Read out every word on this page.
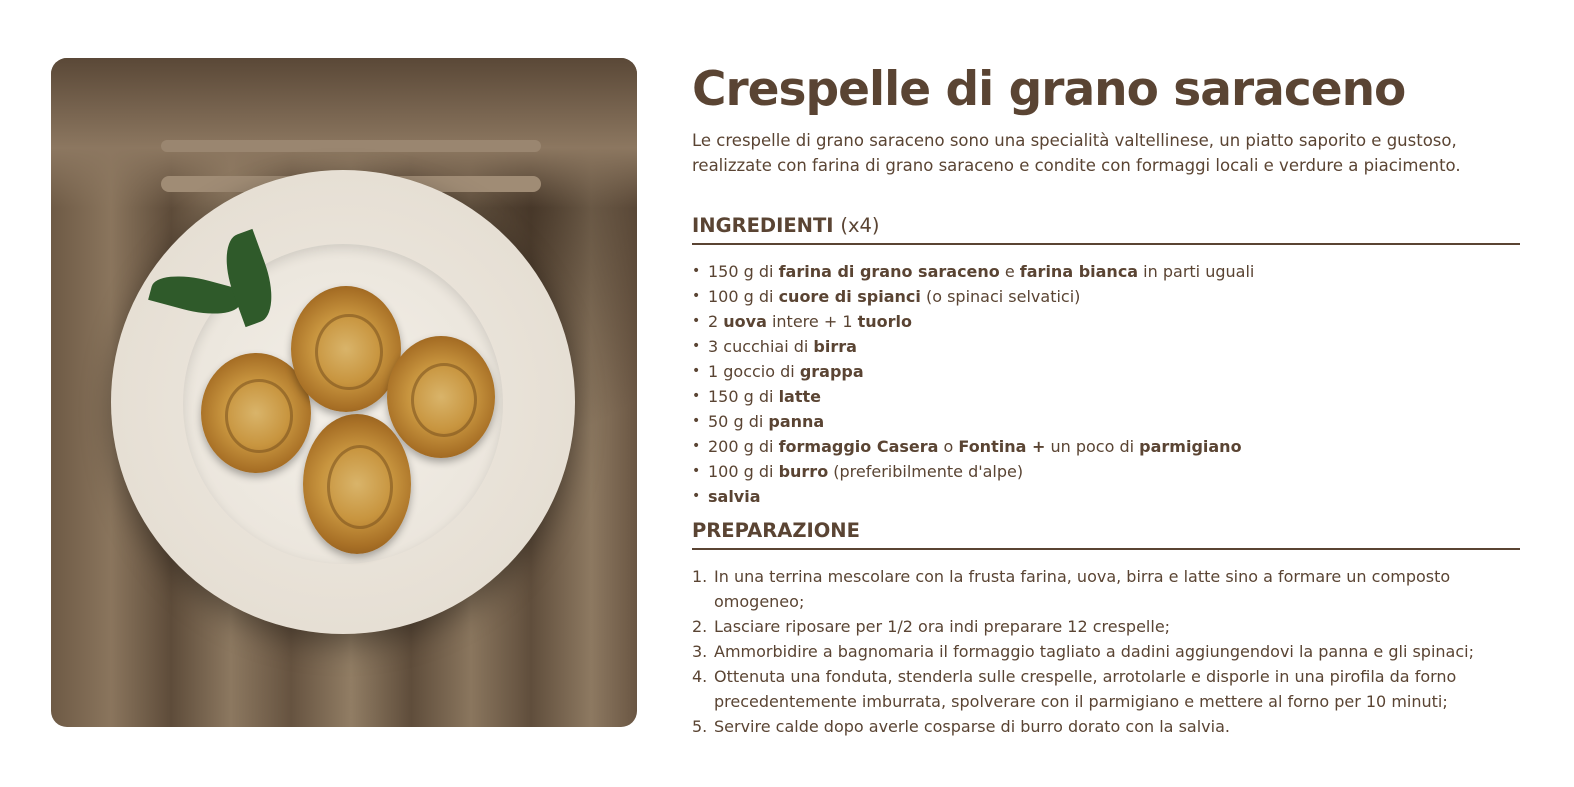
Crespelle di grano saraceno

Le crespelle di grano saraceno sono una specialità valtellinese, un piatto saporito e gustoso, realizzate con farina di grano saraceno e condite con formaggi locali e verdure a piacimento.

INGREDIENTI (x4)
• 150 g di farina di grano saraceno e farina bianca in parti uguali
• 100 g di cuore di spianci (o spinaci selvatici)
• 2 uova intere + 1 tuorlo
• 3 cucchiai di birra
• 1 goccio di grappa
• 150 g di latte
• 50 g di panna
• 200 g di formaggio Casera o Fontina + un poco di parmigiano
• 100 g di burro (preferibilmente d'alpe)
• salvia
PREPARAZIONE
1. In una terrina mescolare con la frusta farina, uova, birra e latte sino a formare un composto omogeneo;
2. Lasciare riposare per 1/2 ora indi preparare 12 crespelle;
3. Ammorbidire a bagnomaria il formaggio tagliato a dadini aggiungendovi la panna e gli spinaci;
4. Ottenuta una fonduta, stenderla sulle crespelle, arrotolarle e disporle in una pirofila da forno precedentemente imburrata, spolverare con il parmigiano e mettere al forno per 10 minuti;
5. Servire calde dopo averle cosparse di burro dorato con la salvia.
